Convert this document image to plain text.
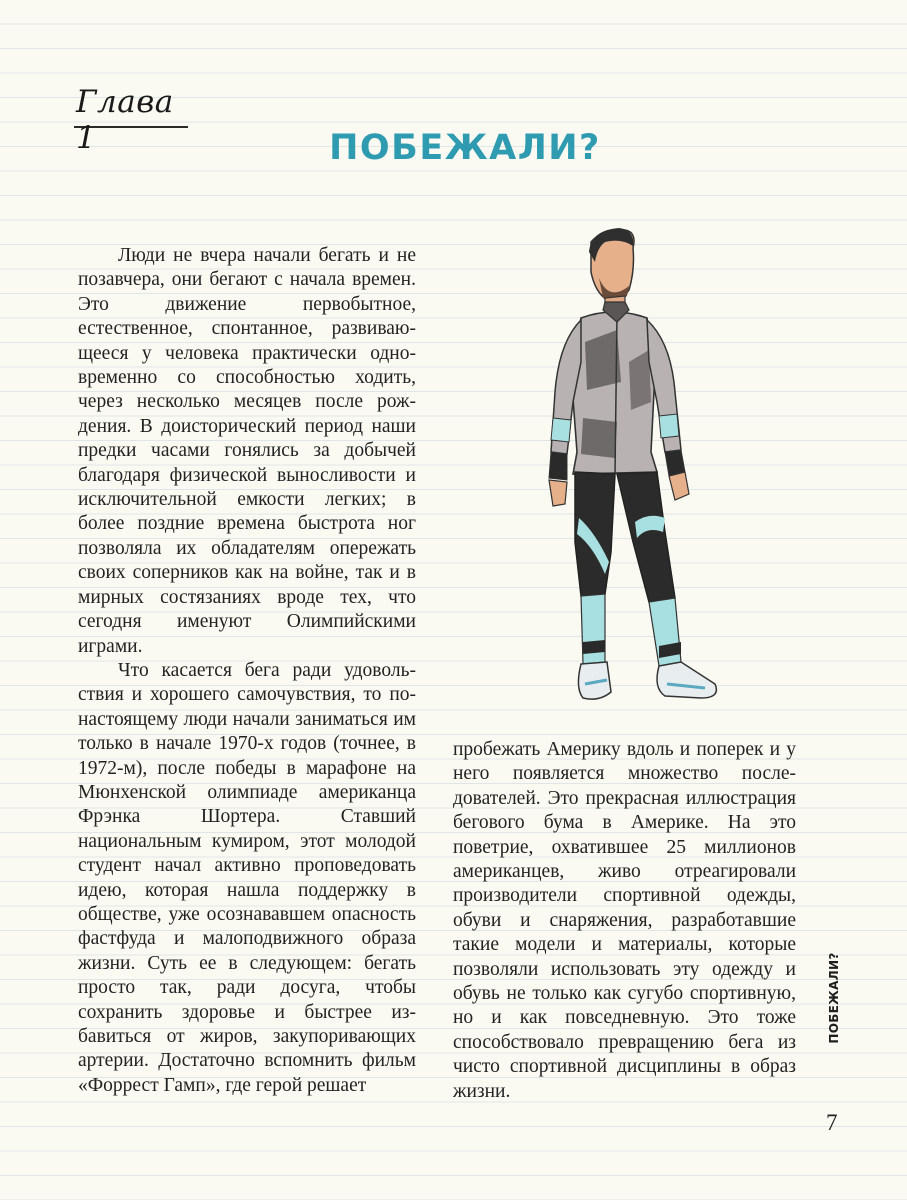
Глава 1	ПОБЕЖАЛИ?

Люди не вчера начали бегать и не позавчера, они бегают с начала времен. Это движение первобытное, естественное, спонтанное, развивающееся у человека практически одновременно со способностью ходить, через несколько месяцев после рождения. В доисторический период наши предки часами гонялись за добычей благодаря физической выносливости и исключительной емкости легких; в более поздние времена быстрота ног позволяла их обладателям опережать своих соперников как на войне, так и в мирных состязаниях вроде тех, что сегодня именуют Олимпийскими играми.

Что касается бега ради удовольствия и хорошего самочувствия, то по-настоящему люди начали заниматься им только в начале 1970-х годов (точнее, в 1972-м), после победы в марафоне на Мюнхенской олимпиаде американца Фрэнка Шортера. Ставший национальным кумиром, этот молодой студент начал активно проповедовать идею, которая нашла поддержку в обществе, уже осознававшем опасность фастфуда и малоподвижного образа жизни. Суть ее в следующем: бегать просто так, ради досуга, чтобы сохранить здоровье и быстрее избавиться от жиров, закупоривающих артерии. Достаточно вспомнить фильм «Форрест Гамп», где герой решает

пробежать Америку вдоль и поперек и у него появляется множество последователей. Это прекрасная иллюстрация бегового бума в Америке. На это поветрие, охватившее 25 миллионов американцев, живо отреагировали производители спортивной одежды, обуви и снаряжения, разработавшие такие модели и материалы, которые позволяли использовать эту одежду и обувь не только как сугубо спортивную, но и как повседневную. Это тоже способствовало превращению бега из чисто спортивной дисциплины в образ жизни.

ПОБЕЖАЛИ?
7
